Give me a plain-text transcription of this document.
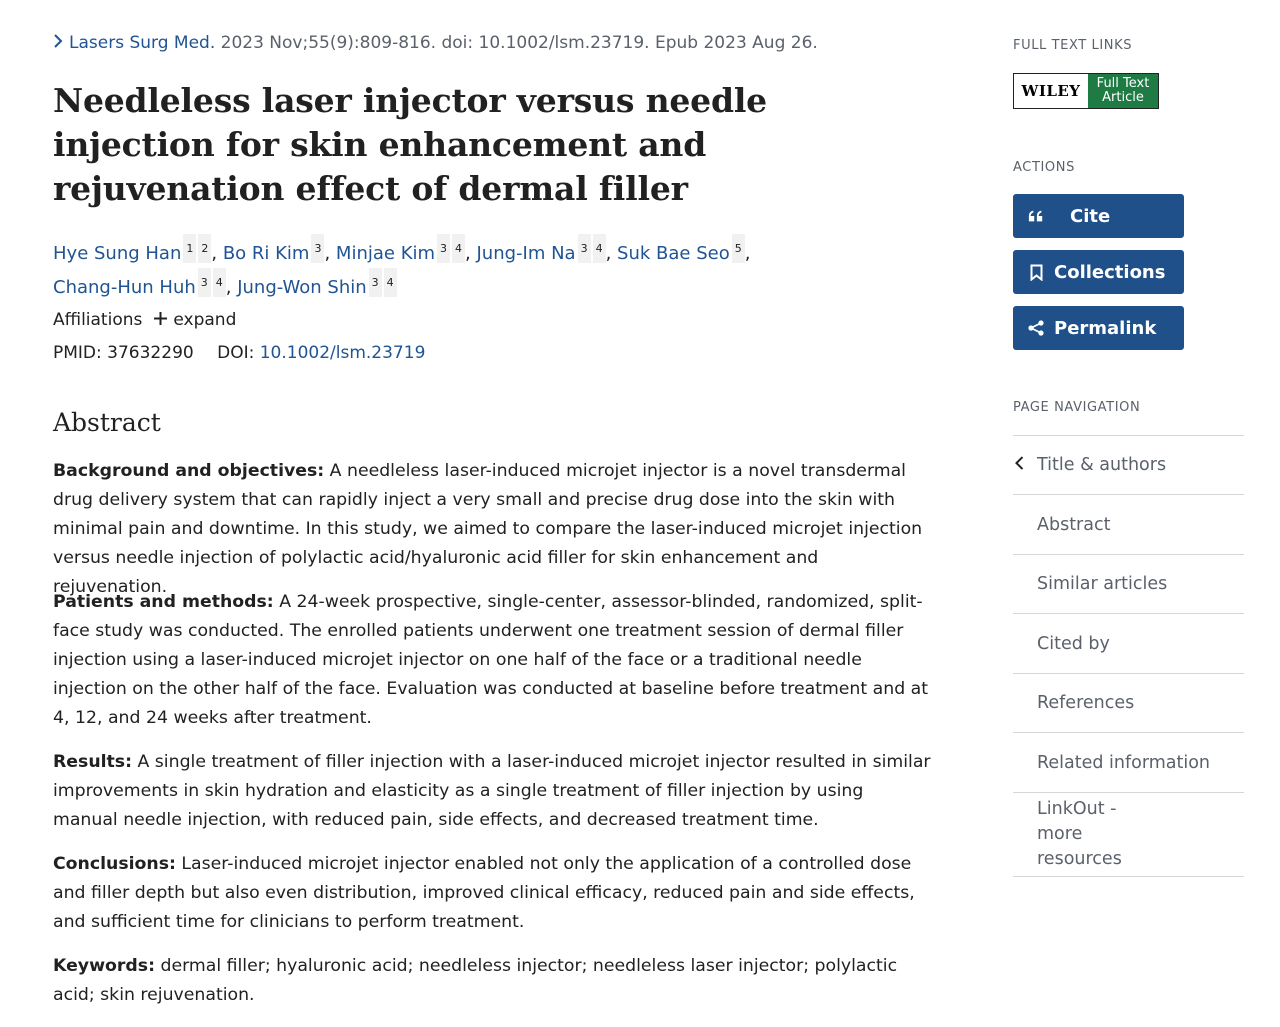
Lasers Surg Med. 2023 Nov;55(9):809-816. doi: 10.1002/lsm.23719. Epub 2023 Aug 26.
Needleless laser injector versus needle injection for skin enhancement and rejuvenation effect of dermal filler
Hye Sung Han $^{1 2}$ , Bo Ri Kim $^3$ , Minjae Kim $^{3 4}$ , Jung-Im Na $^{3 4}$ , Suk Bae Seo $^5$ ,
Chang-Hun Huh $^{3 4}$ , Jung-Won Shin $^{3 4}$
Affiliations expand
PMID: 37632290 DOI: 10.1002/lsm.23719
Abstract

Background and objectives: A needleless laser-induced microjet injector is a novel transdermal drug delivery system that can rapidly inject a very small and precise drug dose into the skin with minimal pain and downtime. In this study, we aimed to compare the laser-induced microjet injection versus needle injection of polylactic acid/hyaluronic acid filler for skin enhancement and rejuvenation.

Patients and methods: A 24-week prospective, single-center, assessor-blinded, randomized, split-face study was conducted. The enrolled patients underwent one treatment session of dermal filler injection using a laser-induced microjet injector on one half of the face or a traditional needle injection on the other half of the face. Evaluation was conducted at baseline before treatment and at 4, 12, and 24 weeks after treatment.

Results: A single treatment of filler injection with a laser-induced microjet injector resulted in similar improvements in skin hydration and elasticity as a single treatment of filler injection by using manual needle injection, with reduced pain, side effects, and decreased treatment time.

Conclusions: Laser-induced microjet injector enabled not only the application of a controlled dose and filler depth but also even distribution, improved clinical efficacy, reduced pain and side effects, and sufficient time for clinicians to perform treatment.

Keywords: dermal filler; hyaluronic acid; needleless injector; needleless laser injector; polylactic acid; skin rejuvenation.

FULL TEXT LINKS
WILEY	Full Text
Article
ACTIONS
Cite
Collections
Permalink
PAGE NAVIGATION
Title & authors
Abstract
Similar articles
Cited by
References
Related information
LinkOut - more resources
